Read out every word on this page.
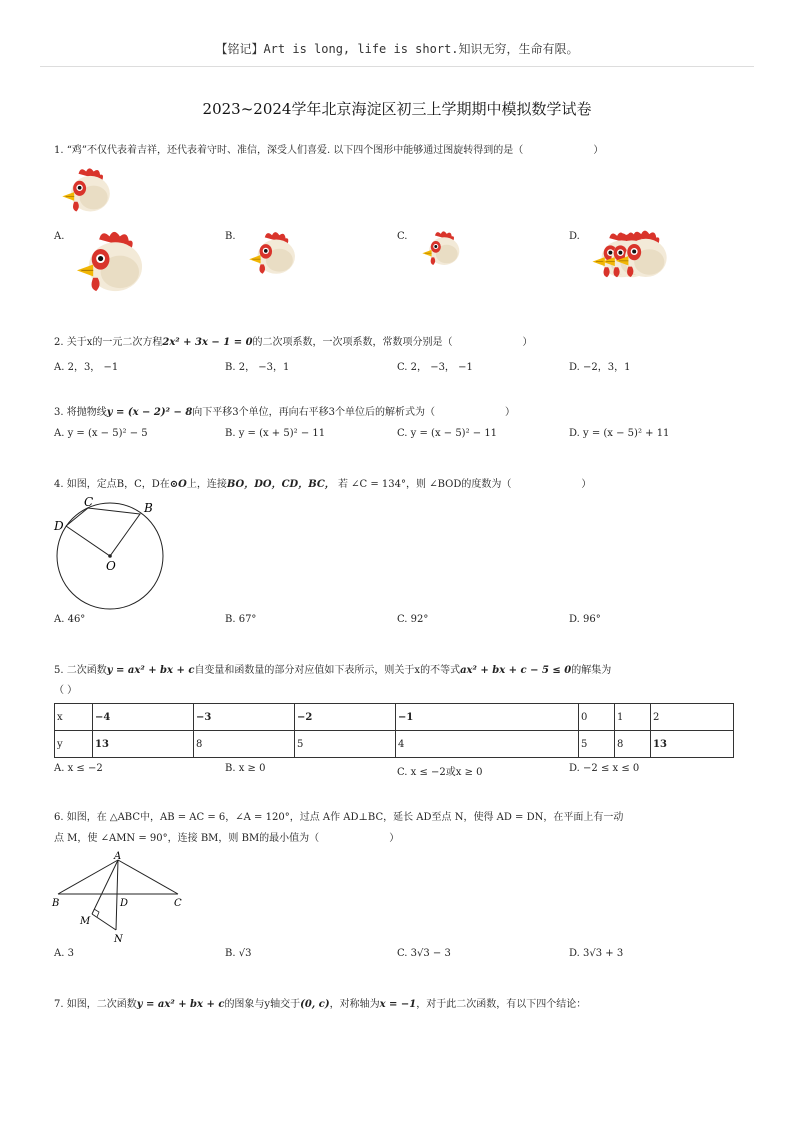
【铭记】Art is long, life is short.知识无穷，生命有限。
2023~2024学年北京海淀区初三上学期期中模拟数学试卷
1. “鸡”不仅代表着吉祥，还代表着守时、准信，深受人们喜爱. 以下四个图形中能够通过图旋转得到的是（	）
A.	B.	C.	D.
2. 关于x的一元二次方程2x² + 3x − 1 = 0的二次项系数，一次项系数，常数项分别是（	）
A. 2，3， −1	B. 2， −3，1	C. 2， −3， −1	D. −2，3，1
3. 将抛物线y = (x − 2)² − 8向下平移3个单位，再向右平移3个单位后的解析式为（	）
A. y = (x − 5)² − 5	B. y = (x + 5)² − 11	C. y = (x − 5)² − 11	D. y = (x − 5)² + 11
4. 如图，定点B，C，D在⊙O上，连接BO，DO，CD，BC， 若 ∠C = 134°，则 ∠BOD的度数为（	）
C	B
D
O
A. 46°	B. 67°	C. 92°	D. 96°
5. 二次函数y = ax² + bx + c自变量和函数量的部分对应值如下表所示，则关于x的不等式ax² + bx + c − 5 ≤ 0的解集为
（ ）
x	−4	−3	−2	−1	0	1	2
y	13	8	5	4	5	8	13
A. x ≤ −2	B. x ≥ 0	C. x ≤ −2或x ≥ 0	D. −2 ≤ x ≤ 0
6. 如图，在 △ABC中，AB = AC = 6，∠A = 120°，过点 A作 AD⊥BC，延长 AD至点 N，使得 AD = DN，在平面上有一动
点 M，使 ∠AMN = 90°，连接 BM，则 BM的最小值为（	）
A
B	D	C
M
N
A. 3	B. √3	C. 3√3 − 3	D. 3√3 + 3
7. 如图，二次函数y = ax² + bx + c的图象与y轴交于(0, c)，对称轴为x = −1，对于此二次函数，有以下四个结论：
